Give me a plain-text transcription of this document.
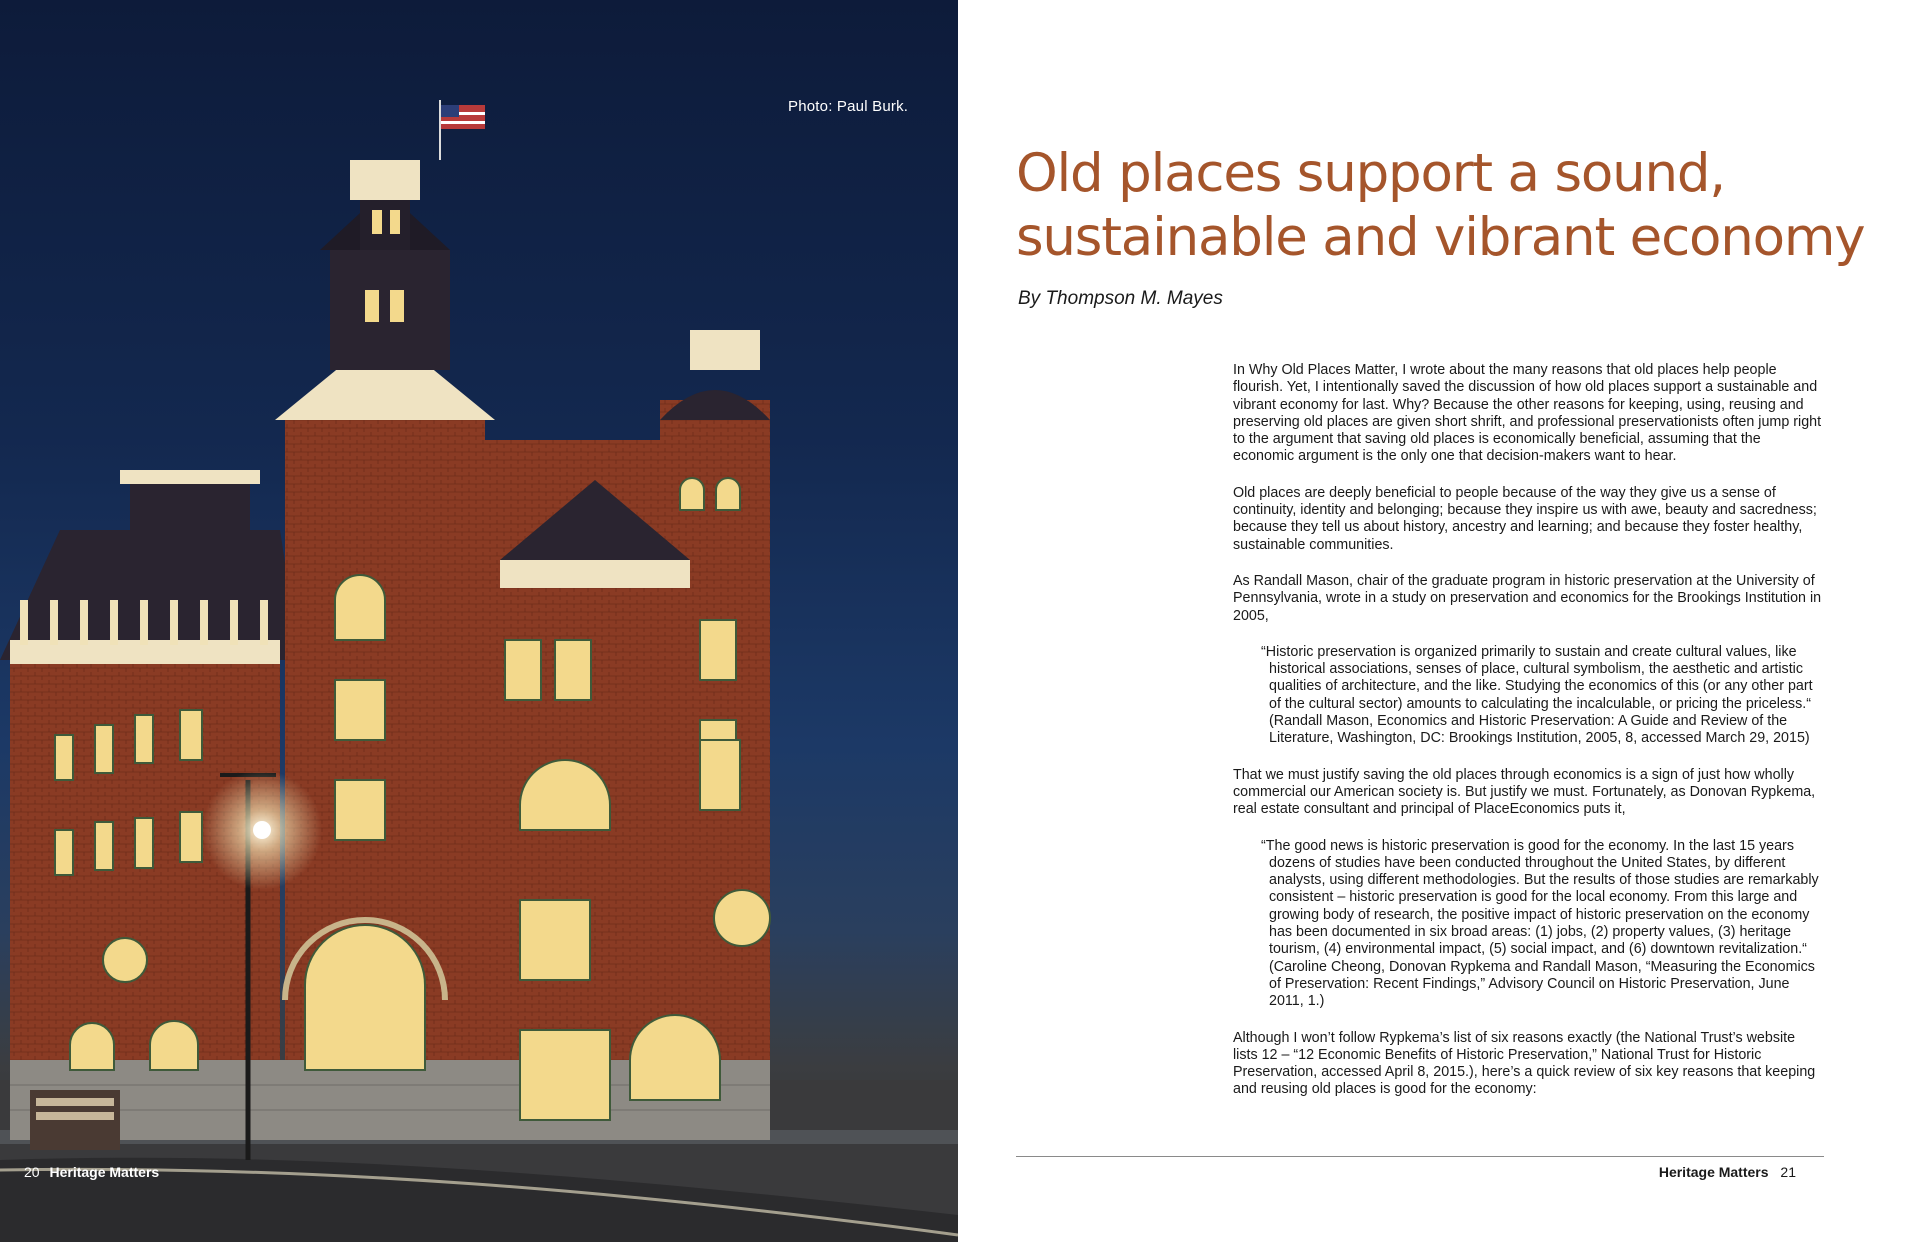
Photo: Paul Burk.
20 Heritage Matters
Old places support a sound,
sustainable and vibrant economy
By Thompson M. Mayes

In Why Old Places Matter, I wrote about the many reasons that old places help people flourish. Yet, I intentionally saved the discussion of how old places support a sustainable and vibrant economy for last. Why? Because the other reasons for keeping, using, reusing and preserving old places are given short shrift, and professional preservationists often jump right to the argument that saving old places is economically beneficial, assuming that the economic argument is the only one that decision-makers want to hear.

Old places are deeply beneficial to people because of the way they give us a sense of continuity, identity and belonging; because they inspire us with awe, beauty and sacredness; because they tell us about history, ancestry and learning; and because they foster healthy, sustainable communities.

As Randall Mason, chair of the graduate program in historic preservation at the University of Pennsylvania, wrote in a study on preservation and economics for the Brookings Institution in 2005,

“Historic preservation is organized primarily to sustain and create cultural values, like historical associations, senses of place, cultural symbolism, the aesthetic and artistic qualities of architecture, and the like. Studying the economics of this (or any other part of the cultural sector) amounts to calculating the incalculable, or pricing the priceless.“ (Randall Mason, Economics and Historic Preservation: A Guide and Review of the Literature, Washington, DC: Brookings Institution, 2005, 8, accessed March 29, 2015)

That we must justify saving the old places through economics is a sign of just how wholly commercial our American society is. But justify we must. Fortunately, as Donovan Rypkema, real estate consultant and principal of PlaceEconomics puts it,

“The good news is historic preservation is good for the economy. In the last 15 years dozens of studies have been conducted throughout the United States, by different analysts, using different methodologies. But the results of those studies are remarkably consistent – historic preservation is good for the local economy. From this large and growing body of research, the positive impact of historic preservation on the economy has been documented in six broad areas: (1) jobs, (2) property values, (3) heritage tourism, (4) environmental impact, (5) social impact, and (6) downtown revitalization.“ (Caroline Cheong, Donovan Rypkema and Randall Mason, “Measuring the Economics of Preservation: Recent Findings,” Advisory Council on Historic Preservation, June 2011, 1.)

Although I won’t follow Rypkema’s list of six reasons exactly (the National Trust’s website lists 12 – “12 Economic Benefits of Historic Preservation,” National Trust for Historic Preservation, accessed April 8, 2015.), here’s a quick review of six key reasons that keeping and reusing old places is good for the economy:

Heritage Matters 21
